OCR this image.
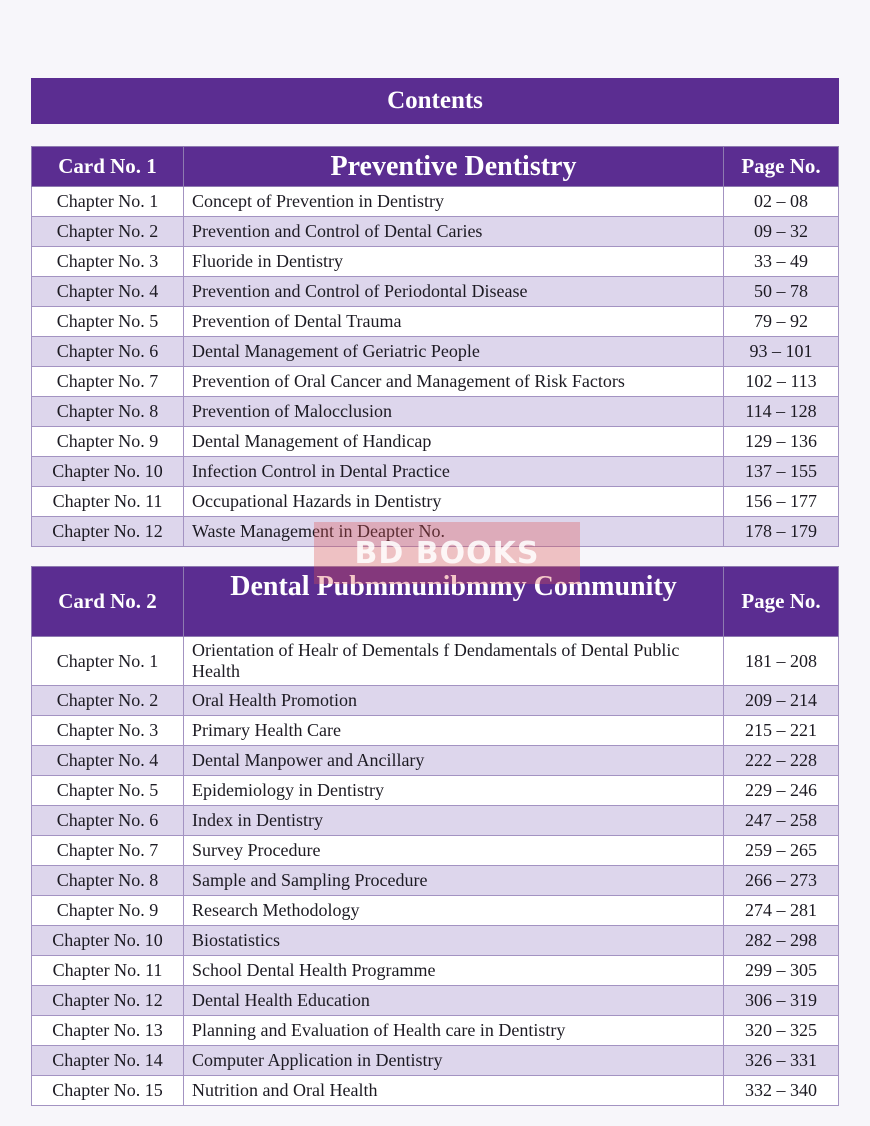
Contents
Card No. 1	Preventive Dentistry	Page No.
Chapter No. 1	Concept of Prevention in Dentistry	02 – 08
Chapter No. 2	Prevention and Control of Dental Caries	09 – 32
Chapter No. 3	Fluoride in Dentistry	33 – 49
Chapter No. 4	Prevention and Control of Periodontal Disease	50 – 78
Chapter No. 5	Prevention of Dental Trauma	79 – 92
Chapter No. 6	Dental Management of Geriatric People	93 – 101
Chapter No. 7	Prevention of Oral Cancer and Management of Risk Factors	102 – 113
Chapter No. 8	Prevention of Malocclusion	114 – 128
Chapter No. 9	Dental Management of Handicap	129 – 136
Chapter No. 10	Infection Control in Dental Practice	137 – 155
Chapter No. 11	Occupational Hazards in Dentistry	156 – 177
Chapter No. 12	Waste Management in Deapter No.	178 – 179
Card No. 2	Dental Pubmmunibmmy Community	Page No.
Chapter No. 1	Orientation of Healr of Dementals f Dendamentals of Dental Public Health	181 – 208
Chapter No. 2	Oral Health Promotion	209 – 214
Chapter No. 3	Primary Health Care	215 – 221
Chapter No. 4	Dental Manpower and Ancillary	222 – 228
Chapter No. 5	Epidemiology in Dentistry	229 – 246
Chapter No. 6	Index in Dentistry	247 – 258
Chapter No. 7	Survey Procedure	259 – 265
Chapter No. 8	Sample and Sampling Procedure	266 – 273
Chapter No. 9	Research Methodology	274 – 281
Chapter No. 10	Biostatistics	282 – 298
Chapter No. 11	School Dental Health Programme	299 – 305
Chapter No. 12	Dental Health Education	306 – 319
Chapter No. 13	Planning and Evaluation of Health care in Dentistry	320 – 325
Chapter No. 14	Computer Application in Dentistry	326 – 331
Chapter No. 15	Nutrition and Oral Health	332 – 340
BD BOOKS
